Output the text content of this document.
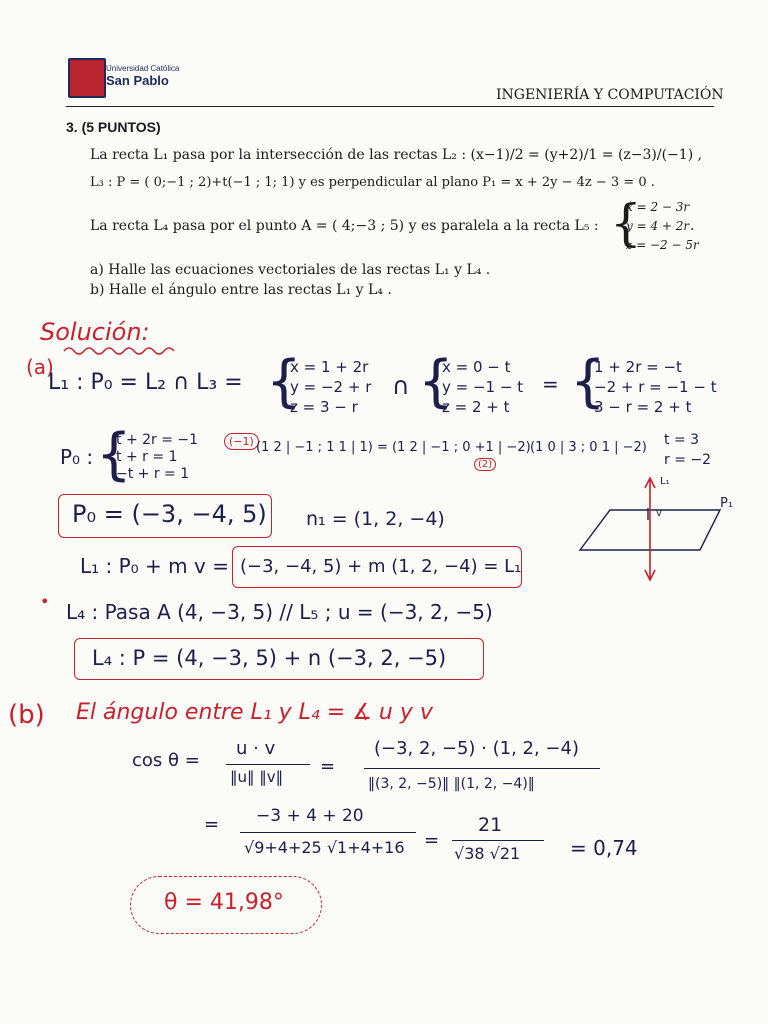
Universidad Católica
San Pablo
INGENIERÍA Y COMPUTACIÓN
3. (5 PUNTOS)
La recta L₁ pasa por la intersección de las rectas L₂ : (x−1)/2 = (y+2)/1 = (z−3)/(−1) ,
L₃ : P = ( 0;−1 ; 2)+t(−1 ; 1; 1) y es perpendicular al plano P₁ = x + 2y − 4z − 3 = 0 .
La recta L₄ pasa por el punto A = ( 4;−3 ; 5) y es paralela a la recta L₅ : {
x = 2 − 3r
y = 4 + 2r
z = −2 − 5r
.
a) Halle las ecuaciones vectoriales de las rectas L₁ y L₄ .
b) Halle el ángulo entre las rectas L₁ y L₄ .
Solución:
(a)
L₁ : P₀ = L₂ ∩ L₃ = {
x = 1 + 2r
y = −2 + r
z = 3 − r
∩ {
x = 0 − t
y = −1 − t
z = 2 + t
= {
1 + 2r = −t
−2 + r = −1 − t
3 − r = 2 + t
P₀ : {
t + 2r = −1
t + r = 1
−t + r = 1
(−1) (1 2 | −1 ; 1 1 | 1) = (1 2 | −1 ; 0 +1 | −2)
(2)
(1 0 | 3 ; 0 1 | −2) t = 3
r = −2
P₀ = (−3, −4, 5) n₁ = (1, 2, −4)
P₁
L₁
v
L₁ : P₀ + m v = (−3, −4, 5) + m (1, 2, −4) = L₁
• L₄ : Pasa A (4, −3, 5) // L₅ ; u = (−3, 2, −5)
L₄ : P = (4, −3, 5) + n (−3, 2, −5)
(b) El ángulo entre L₁ y L₄ = ∡ u y v
cos θ =
u · v
‖u‖ ‖v‖ =
(−3, 2, −5) · (1, 2, −4)
‖(3, 2, −5)‖ ‖(1, 2, −4)‖
= −3 + 4 + 20
√9+4+25 √1+4+16 =
21
√38 √21 = 0,74
θ = 41,98°
